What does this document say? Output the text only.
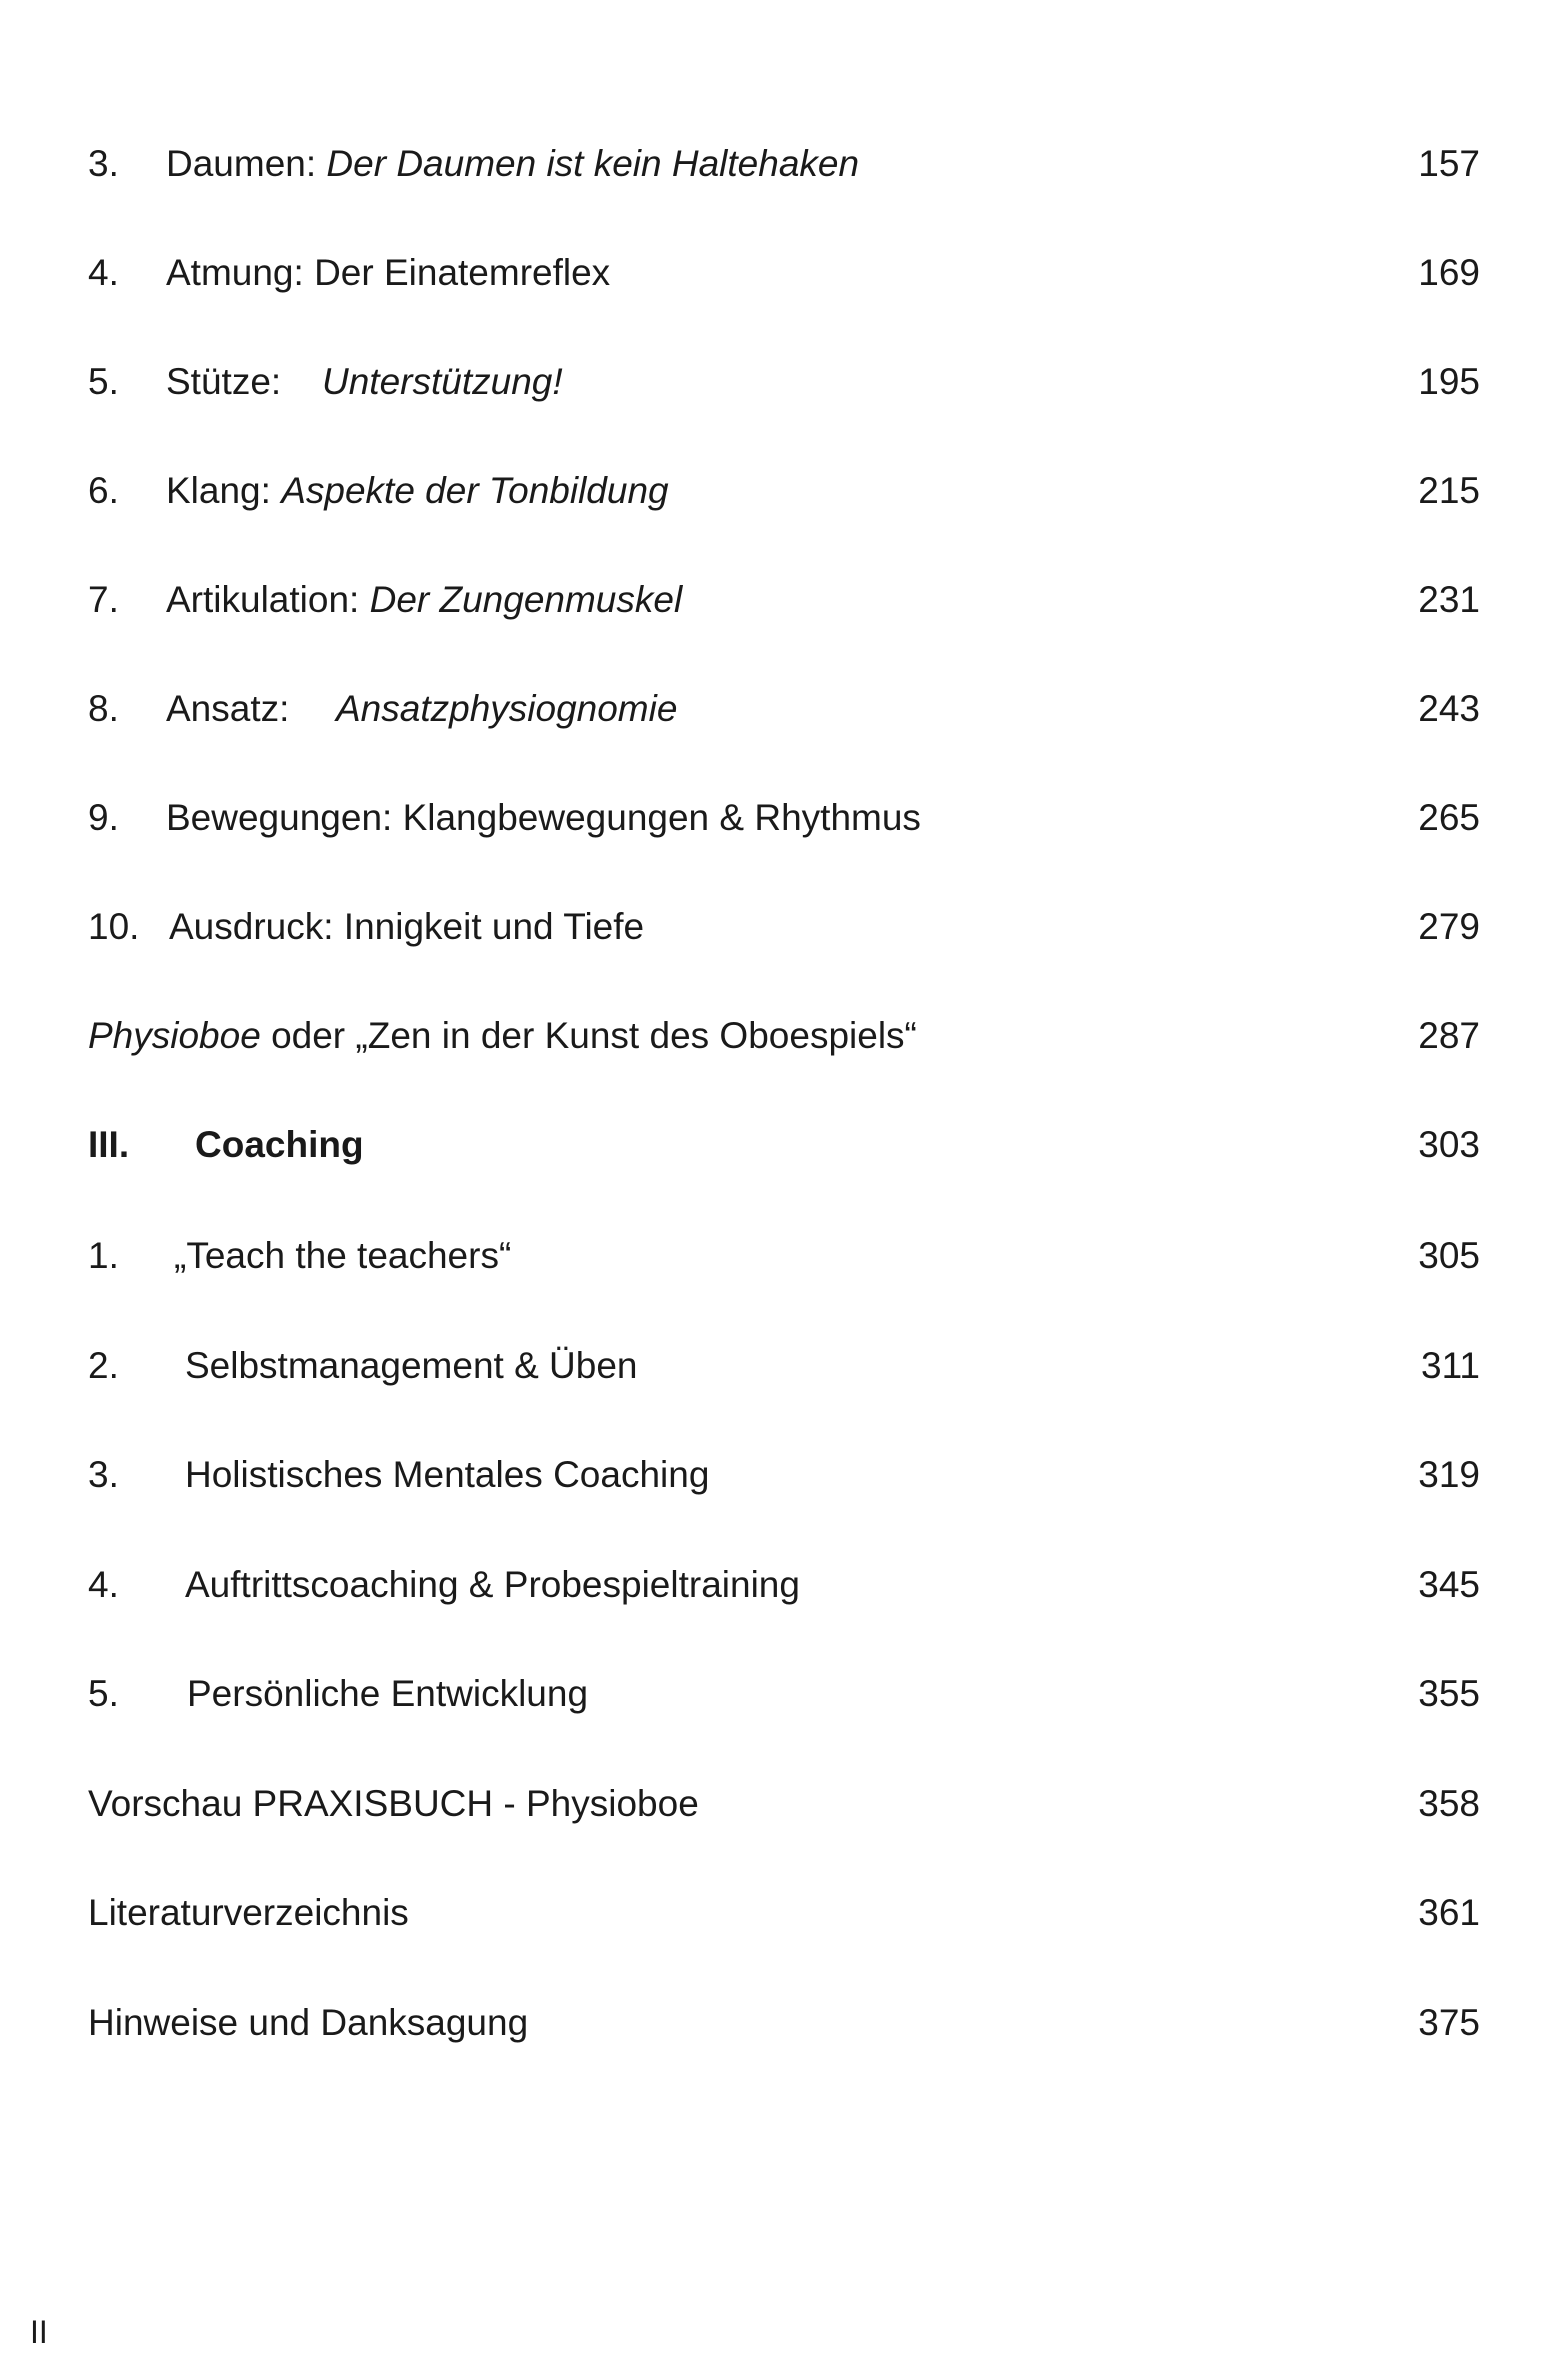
3. Daumen: Der Daumen ist kein Haltehaken	157
4. Atmung: Der Einatemreflex	169
5. Stütze: Unterstützung!	195
6. Klang: Aspekte der Tonbildung	215
7. Artikulation: Der Zungenmuskel	231
8. Ansatz: Ansatzphysiognomie	243
9. Bewegungen: Klangbewegungen & Rhythmus	265
10. Ausdruck: Innigkeit und Tiefe	279
Physioboe oder „Zen in der Kunst des Oboespiels“	287
III. Coaching	303
1. „Teach the teachers“	305
2. Selbstmanagement & Üben	311
3. Holistisches Mentales Coaching	319
4. Auftrittscoaching & Probespieltraining	345
5. Persönliche Entwicklung	355
Vorschau PRAXISBUCH - Physioboe	358
Literaturverzeichnis	361
Hinweise und Danksagung	375
II
